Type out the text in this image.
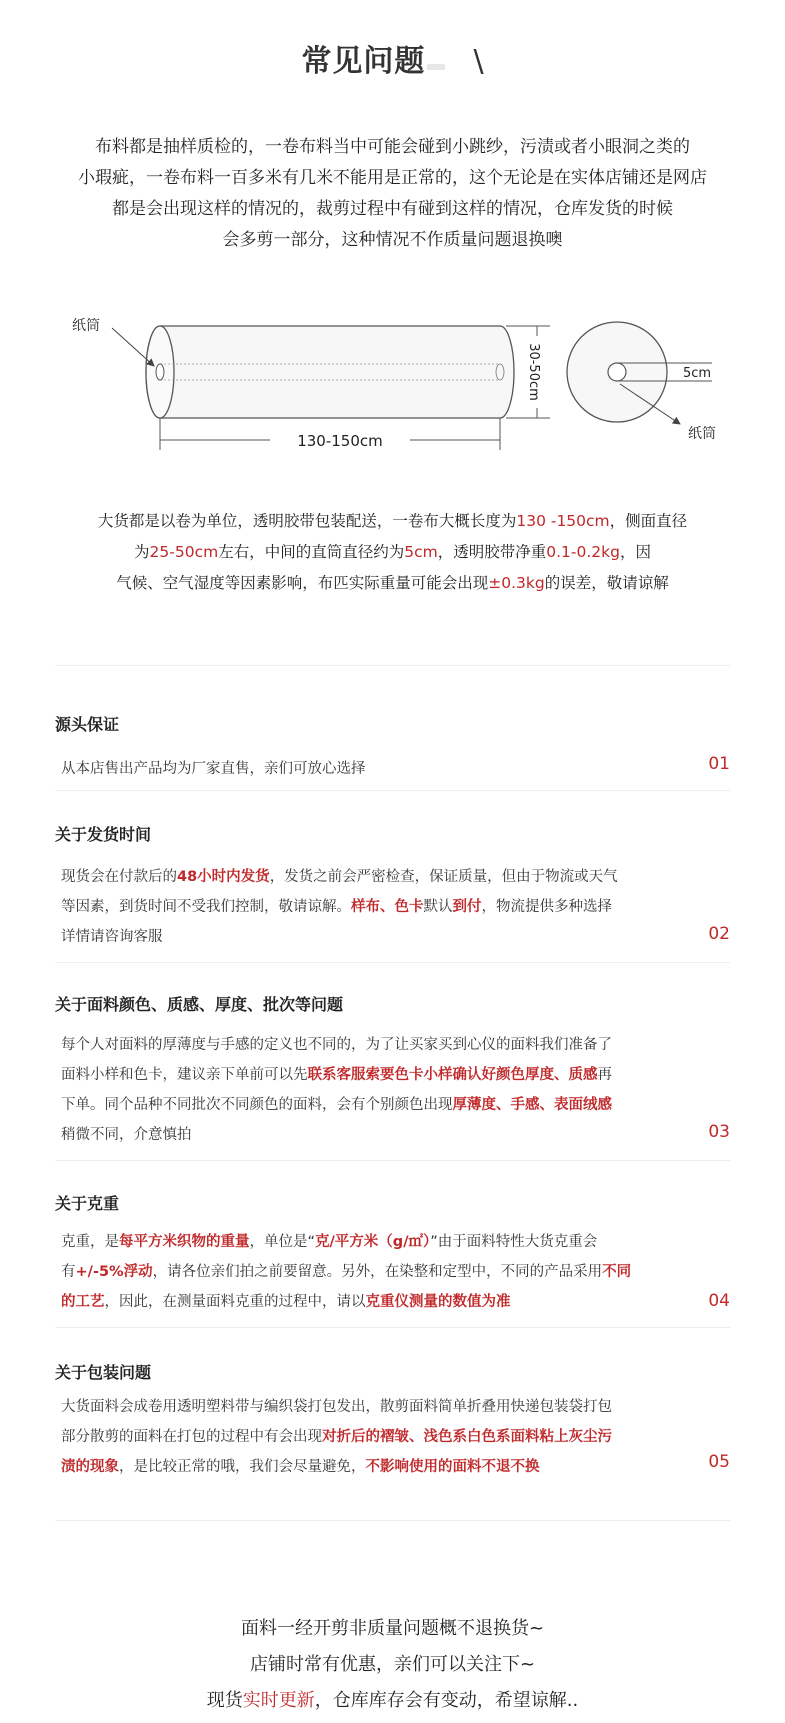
常见问题 \
布料都是抽样质检的，一卷布料当中可能会碰到小跳纱，污渍或者小眼洞之类的
小瑕疵，一卷布料一百多米有几米不能用是正常的，这个无论是在实体店铺还是网店
都是会出现这样的情况的，裁剪过程中有碰到这样的情况，仓库发货的时候
会多剪一部分，这种情况不作质量问题退换噢
纸筒
130-150cm
30-50cm	5cm
纸筒
大货都是以卷为单位，透明胶带包装配送，一卷布大概长度为130 -150cm，侧面直径
为25-50cm左右，中间的直筒直径约为5cm，透明胶带净重0.1-0.2kg，因
气候、空气湿度等因素影响，布匹实际重量可能会出现±0.3kg的误差，敬请谅解
源头保证
从本店售出产品均为厂家直售，亲们可放心选择	01
关于发货时间
现货会在付款后的48小时内发货，发货之前会严密检查，保证质量，但由于物流或天气
等因素，到货时间不受我们控制，敬请谅解。样布、色卡默认到付，物流提供多种选择
详情请咨询客服	02
关于面料颜色、质感、厚度、批次等问题
每个人对面料的厚薄度与手感的定义也不同的，为了让买家买到心仪的面料我们准备了
面料小样和色卡，建议亲下单前可以先联系客服索要色卡小样确认好颜色厚度、质感再
下单。同个品种不同批次不同颜色的面料，会有个别颜色出现厚薄度、手感、表面绒感
稍微不同，介意慎拍	03
关于克重
克重，是每平方米织物的重量，单位是“克/平方米（g/㎡）”由于面料特性大货克重会
有+/-5%浮动，请各位亲们拍之前要留意。另外，在染整和定型中，不同的产品采用不同
的工艺，因此，在测量面料克重的过程中，请以克重仪测量的数值为准	04
关于包装问题
大货面料会成卷用透明塑料带与编织袋打包发出，散剪面料简单折叠用快递包装袋打包
部分散剪的面料在打包的过程中有会出现对折后的褶皱、浅色系白色系面料粘上灰尘污
渍的现象，是比较正常的哦，我们会尽量避免，不影响使用的面料不退不换	05
面料一经开剪非质量问题概不退换货~
店铺时常有优惠，亲们可以关注下~
现货实时更新，仓库库存会有变动，希望谅解..
